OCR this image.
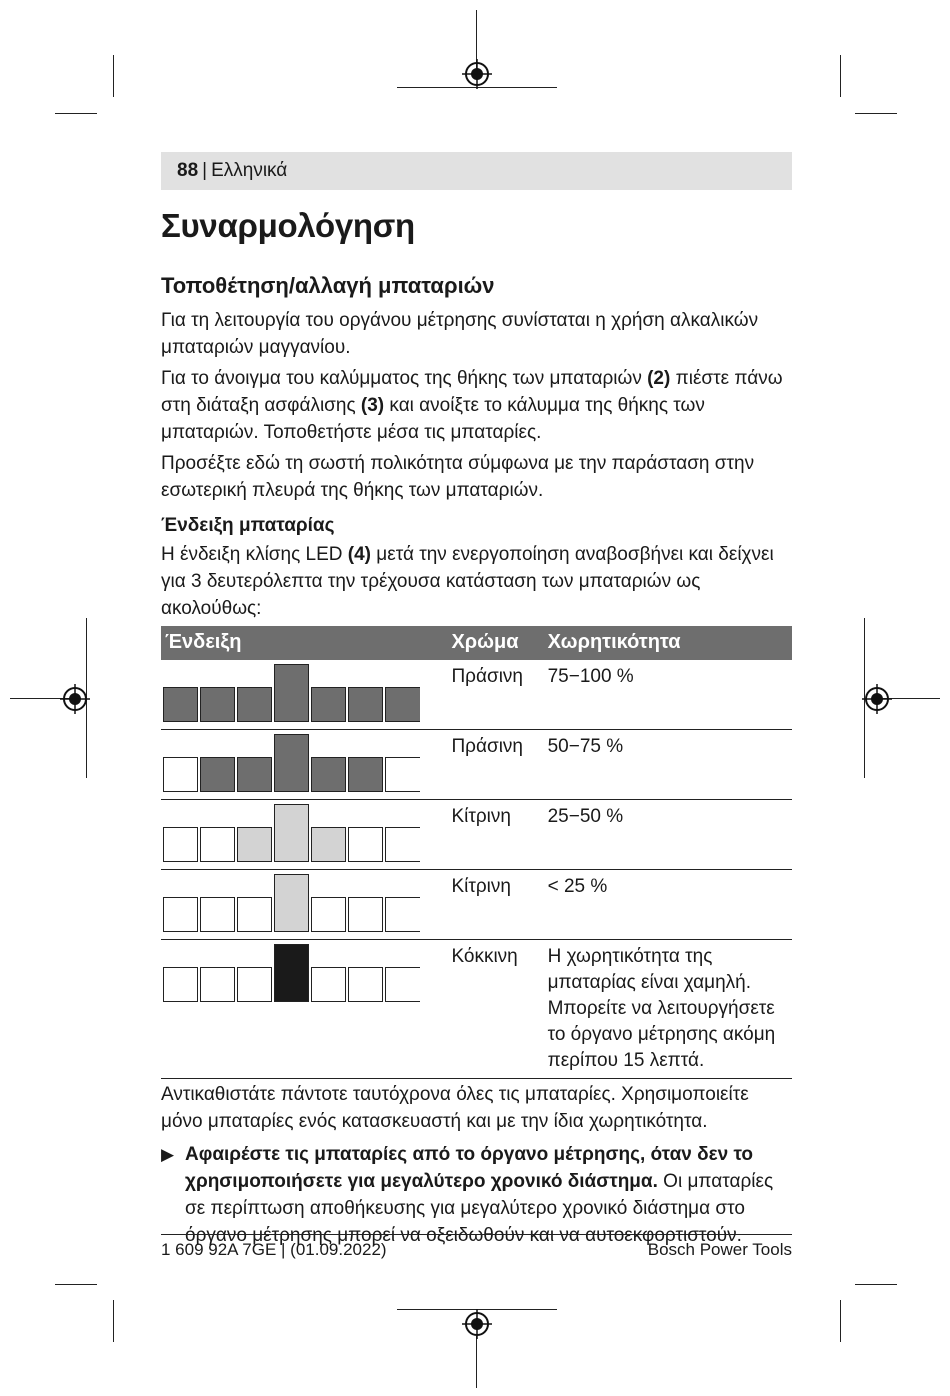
88 | Ελληνικά
Συναρμολόγηση
Τοποθέτηση/αλλαγή μπαταριών

Για τη λειτουργία του οργάνου μέτρησης συνίσταται η χρήση αλκαλικών μπαταριών μαγγανίου.

Για το άνοιγμα του καλύμματος της θήκης των μπαταριών (2) πιέστε πάνω στη διάταξη ασφάλισης (3) και ανοίξτε το κάλυμμα της θήκης των μπαταριών. Τοποθετήστε μέσα τις μπαταρίες.

Προσέξτε εδώ τη σωστή πολικότητα σύμφωνα με την παράσταση στην εσωτερική πλευρά της θήκης των μπαταριών.

Ένδειξη μπαταρίας

Η ένδειξη κλίσης LED (4) μετά την ενεργοποίηση αναβοσβήνει και δείχνει για 3 δευτερόλεπτα την τρέχουσα κατάσταση των μπαταριών ως ακολούθως:

Ένδειξη	Χρώμα	Χωρητικότητα

	Πράσινη	75−100 %

	Πράσινη	50−75 %

	Κίτρινη	25−50 %

	Κίτρινη	< 25 %

	Κόκκινη	Η χωρητικότητα της μπαταρίας είναι χαμηλή. Μπορείτε να λειτουργήσετε το όργανο μέτρησης ακόμη περίπου 15 λεπτά.

Αντικαθιστάτε πάντοτε ταυτόχρονα όλες τις μπαταρίες. Χρησιμοποιείτε μόνο μπαταρίες ενός κατασκευαστή και με την ίδια χωρητικότητα.

▶ Αφαιρέστε τις μπαταρίες από το όργανο μέτρησης, όταν δεν το χρησιμοποιήσετε για μεγαλύτερο χρονικό διάστημα. Οι μπαταρίες σε περίπτωση αποθήκευσης για μεγαλύτερο χρονικό διάστημα στο όργανο μέτρησης μπορεί να οξειδωθούν και να αυτοεκφορτιστούν.

1 609 92A 7GE | (01.09.2022)	Bosch Power Tools
